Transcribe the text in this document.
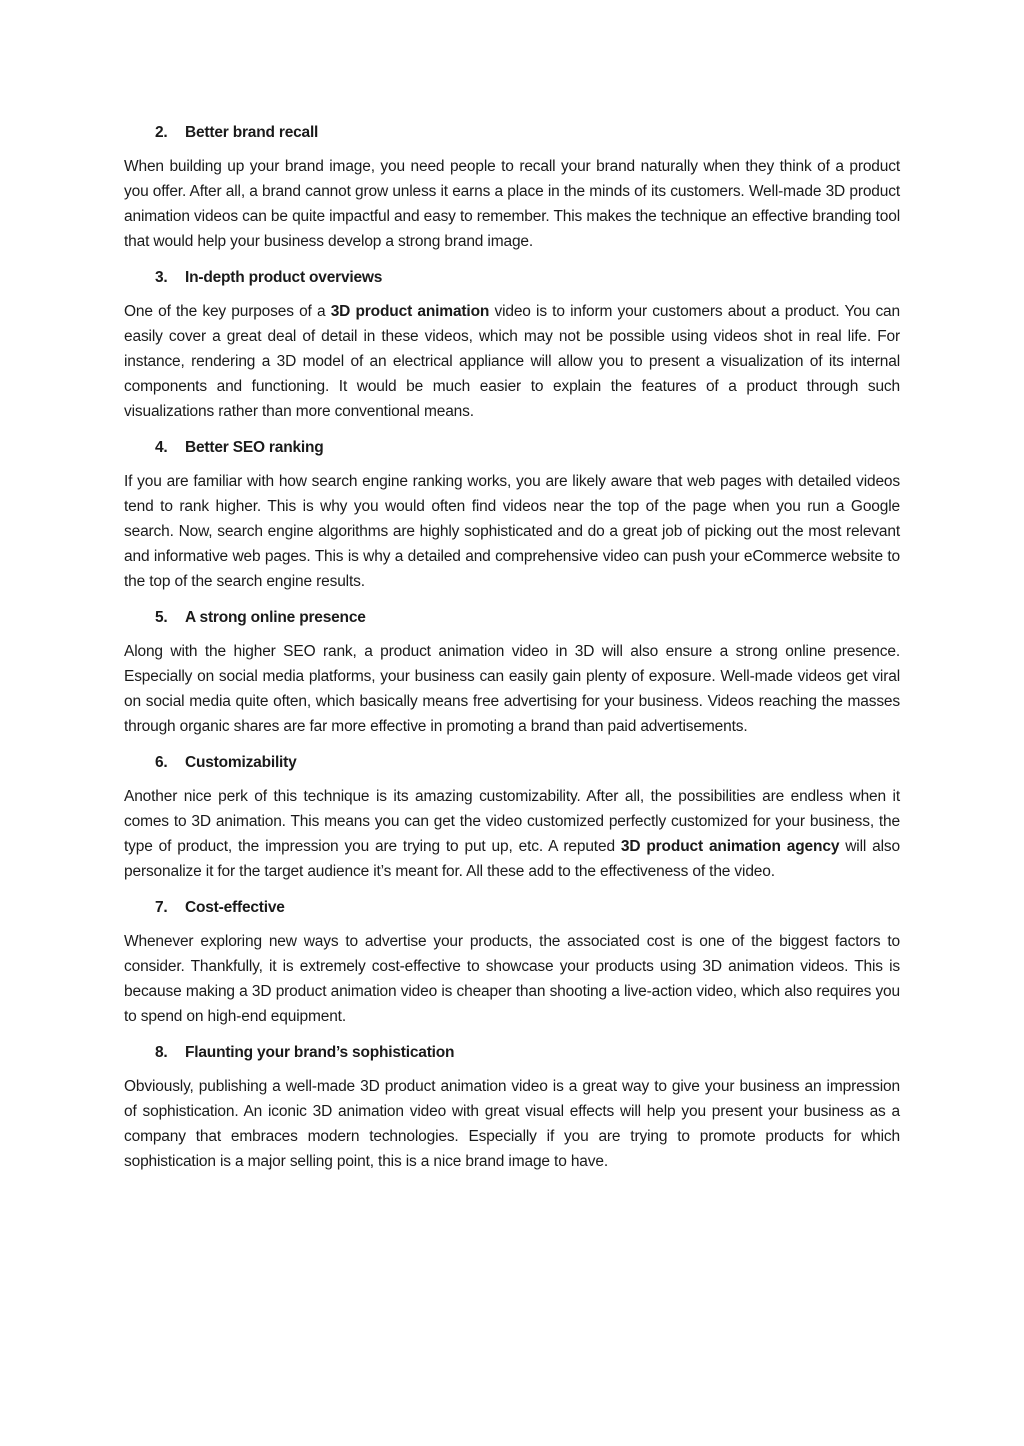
2.	Better brand recall

When building up your brand image, you need people to recall your brand naturally when they think of a product you offer. After all, a brand cannot grow unless it earns a place in the minds of its customers. Well-made 3D product animation videos can be quite impactful and easy to remember. This makes the technique an effective branding tool that would help your business develop a strong brand image.

3.	In-depth product overviews

One of the key purposes of a 3D product animation video is to inform your customers about a product. You can easily cover a great deal of detail in these videos, which may not be possible using videos shot in real life. For instance, rendering a 3D model of an electrical appliance will allow you to present a visualization of its internal components and functioning. It would be much easier to explain the features of a product through such visualizations rather than more conventional means.

4.	Better SEO ranking

If you are familiar with how search engine ranking works, you are likely aware that web pages with detailed videos tend to rank higher. This is why you would often find videos near the top of the page when you run a Google search. Now, search engine algorithms are highly sophisticated and do a great job of picking out the most relevant and informative web pages. This is why a detailed and comprehensive video can push your eCommerce website to the top of the search engine results.

5.	A strong online presence

Along with the higher SEO rank, a product animation video in 3D will also ensure a strong online presence. Especially on social media platforms, your business can easily gain plenty of exposure. Well-made videos get viral on social media quite often, which basically means free advertising for your business. Videos reaching the masses through organic shares are far more effective in promoting a brand than paid advertisements.

6.	Customizability

Another nice perk of this technique is its amazing customizability. After all, the possibilities are endless when it comes to 3D animation. This means you can get the video customized perfectly customized for your business, the type of product, the impression you are trying to put up, etc. A reputed 3D product animation agency will also personalize it for the target audience it’s meant for. All these add to the effectiveness of the video.

7.	Cost-effective

Whenever exploring new ways to advertise your products, the associated cost is one of the biggest factors to consider. Thankfully, it is extremely cost-effective to showcase your products using 3D animation videos. This is because making a 3D product animation video is cheaper than shooting a live-action video, which also requires you to spend on high-end equipment.

8.	Flaunting your brand’s sophistication

Obviously, publishing a well-made 3D product animation video is a great way to give your business an impression of sophistication. An iconic 3D animation video with great visual effects will help you present your business as a company that embraces modern technologies. Especially if you are trying to promote products for which sophistication is a major selling point, this is a nice brand image to have.
